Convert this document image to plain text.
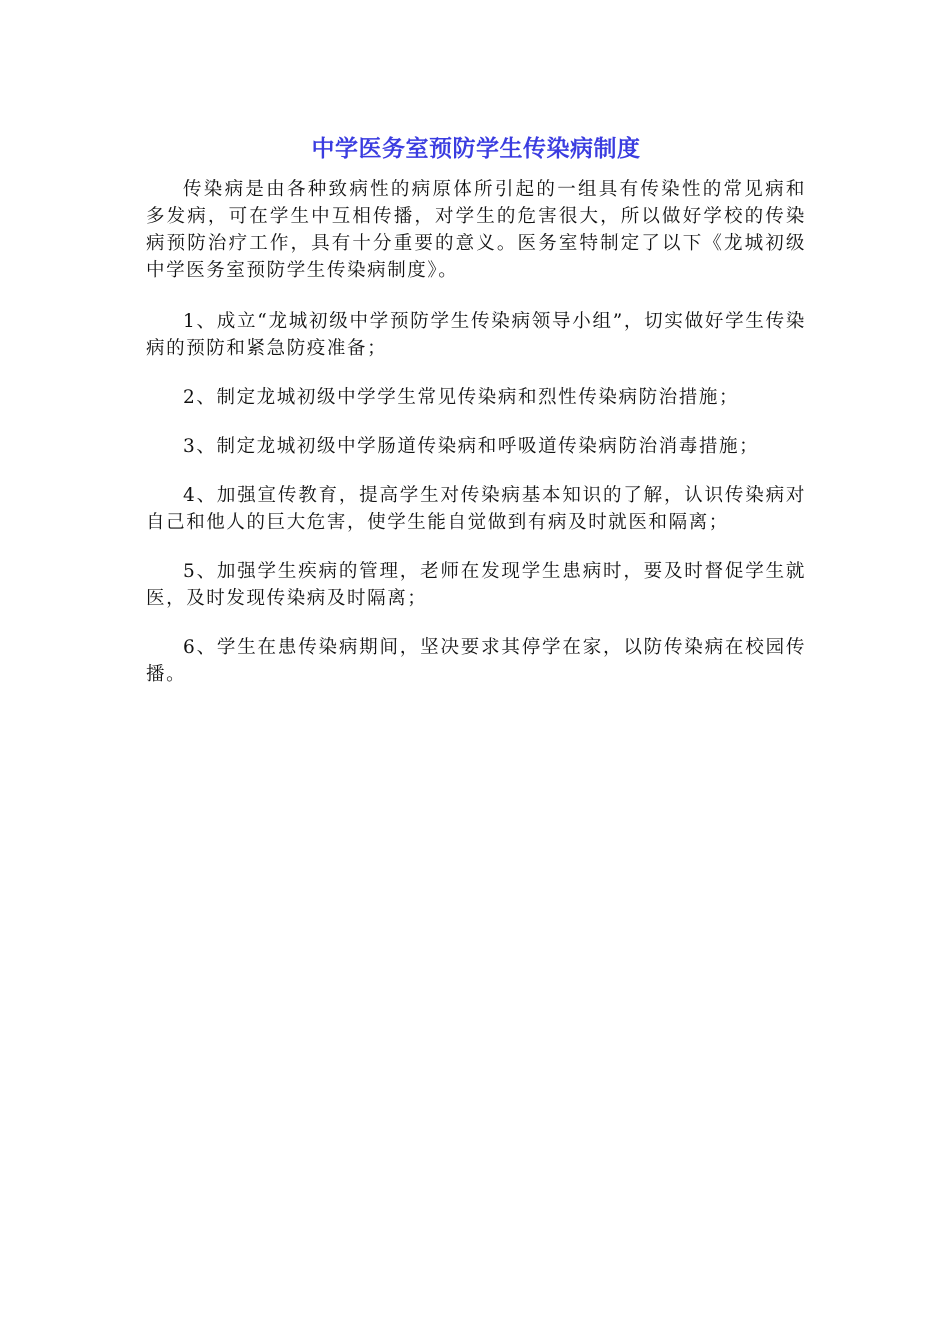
中学医务室预防学生传染病制度

传染病是由各种致病性的病原体所引起的一组具有传染性的常见病和多发病，可在学生中互相传播，对学生的危害很大，所以做好学校的传染病预防治疗工作，具有十分重要的意义。医务室特制定了以下《龙城初级中学医务室预防学生传染病制度》。

1、成立“龙城初级中学预防学生传染病领导小组”，切实做好学生传染病的预防和紧急防疫准备；

2、制定龙城初级中学学生常见传染病和烈性传染病防治措施；

3、制定龙城初级中学肠道传染病和呼吸道传染病防治消毒措施；

4、加强宣传教育，提高学生对传染病基本知识的了解，认识传染病对自己和他人的巨大危害，使学生能自觉做到有病及时就医和隔离；

5、加强学生疾病的管理，老师在发现学生患病时，要及时督促学生就医，及时发现传染病及时隔离；

6、学生在患传染病期间，坚决要求其停学在家，以防传染病在校园传播。
